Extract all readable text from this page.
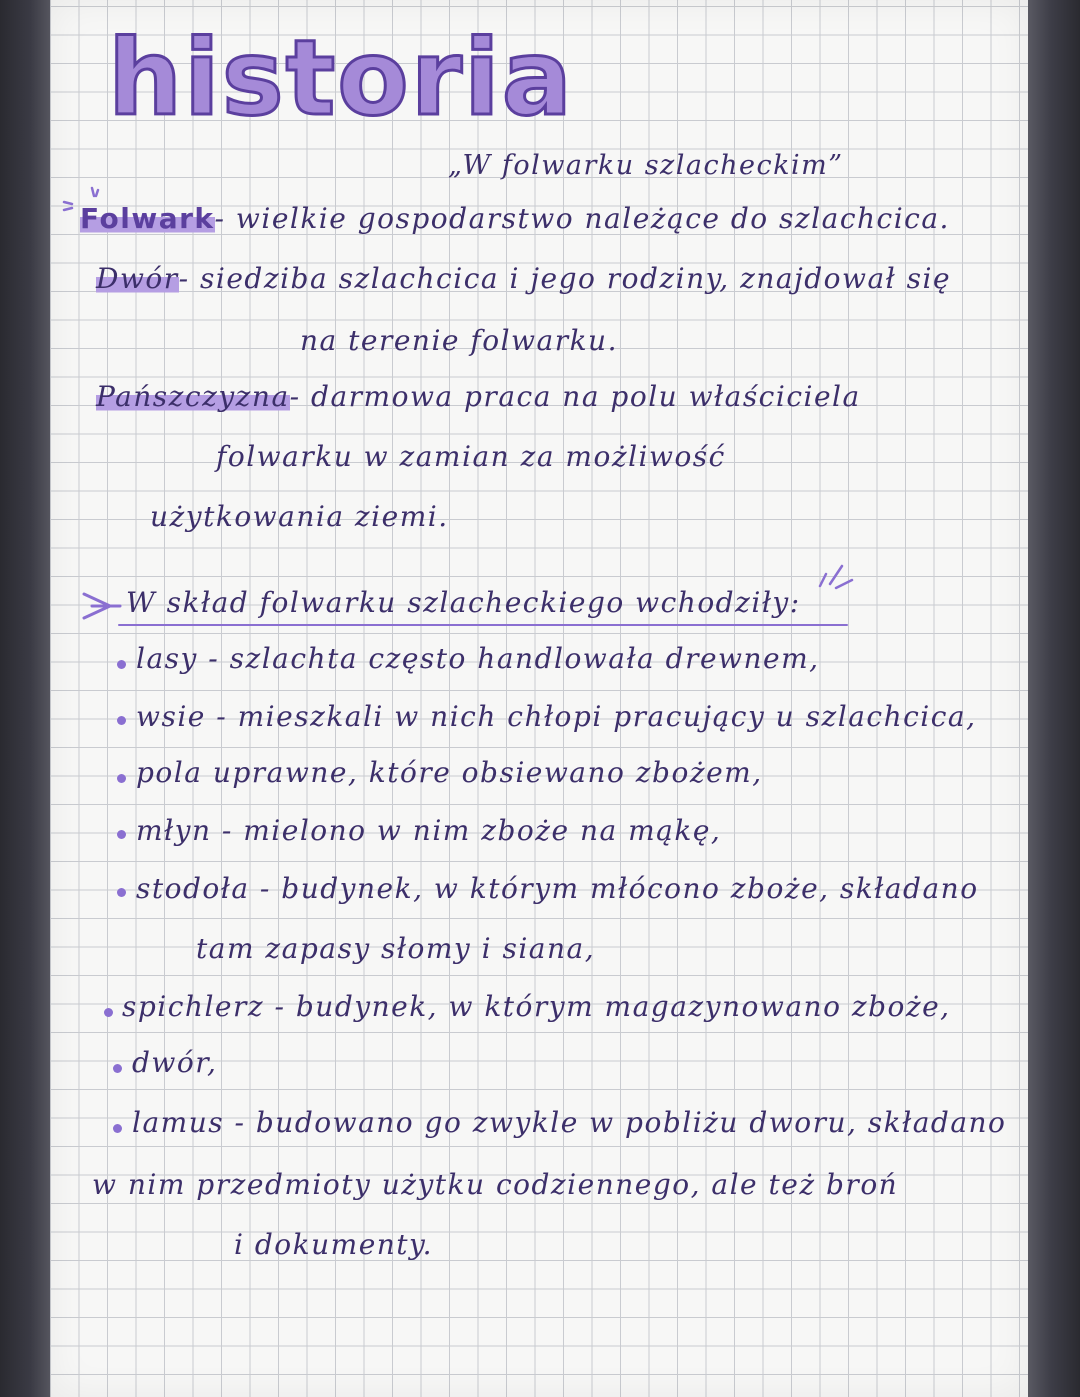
historia
„W folwarku szlacheckim”
Folwark- wielkie gospodarstwo należące do szlachcica.
Dwór- siedziba szlachcica i jego rodziny, znajdował się
na terenie folwarku.
Pańszczyzna- darmowa praca na polu właściciela
folwarku w zamian za możliwość
użytkowania ziemi.
W skład folwarku szlacheckiego wchodziły:
lasy - szlachta często handlowała drewnem,
wsie - mieszkali w nich chłopi pracujący u szlachcica,
pola uprawne, które obsiewano zbożem,
młyn - mielono w nim zboże na mąkę,
stodoła - budynek, w którym młócono zboże, składano
tam zapasy słomy i siana,
spichlerz - budynek, w którym magazynowano zboże,
dwór,
lamus - budowano go zwykle w pobliżu dworu, składano
w nim przedmioty użytku codziennego, ale też broń
i dokumenty.
